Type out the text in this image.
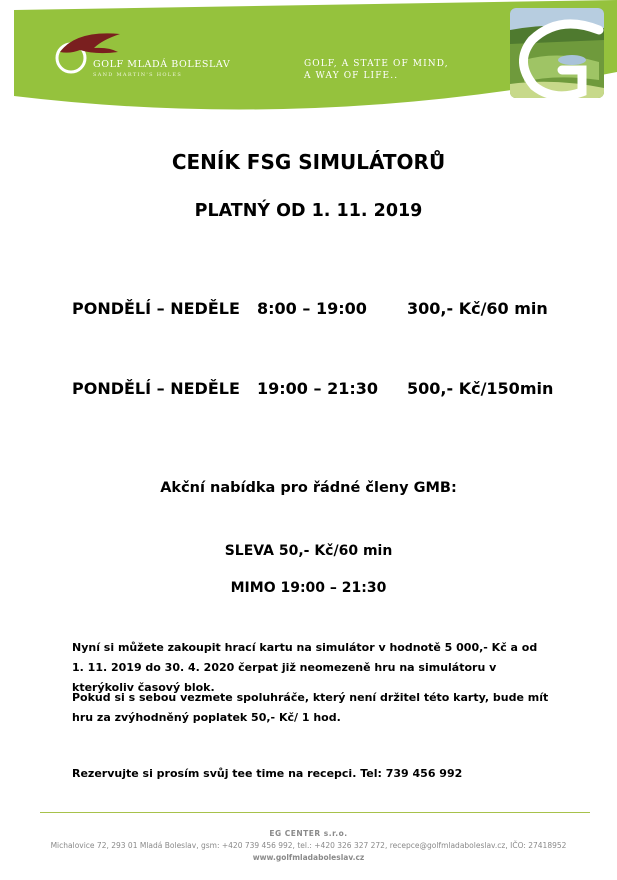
GOLF MLADÁ BOLESLAV
SAND MARTIN'S HOLES
GOLF, A STATE OF MIND,
A WAY OF LIFE..
CENÍK FSG SIMULÁTORŮ
PLATNÝ OD 1. 11. 2019
PONDĚLÍ – NEDĚLE 8:00 – 19:00	300,- Kč/60 min
PONDĚLÍ – NEDĚLE 19:00 – 21:30 500,- Kč/150min
Akční nabídka pro řádné členy GMB:
SLEVA 50,- Kč/60 min
MIMO 19:00 – 21:30
Nyní si můžete zakoupit hrací kartu na simulátor v hodnotě 5 000,- Kč a od 1. 11. 2019 do 30. 4. 2020 čerpat již neomezeně hru na simulátoru v kterýkoliv časový blok.
Pokud si s sebou vezmete spoluhráče, který není držitel této karty, bude mít hru za zvýhodněný poplatek 50,- Kč/ 1 hod.
Rezervujte si prosím svůj tee time na recepci. Tel: 739 456 992
EG CENTER s.r.o.
Michalovice 72, 293 01 Mladá Boleslav, gsm: +420 739 456 992, tel.: +420 326 327 272, recepce@golfmladaboleslav.cz, IČO: 27418952
www.golfmladaboleslav.cz
